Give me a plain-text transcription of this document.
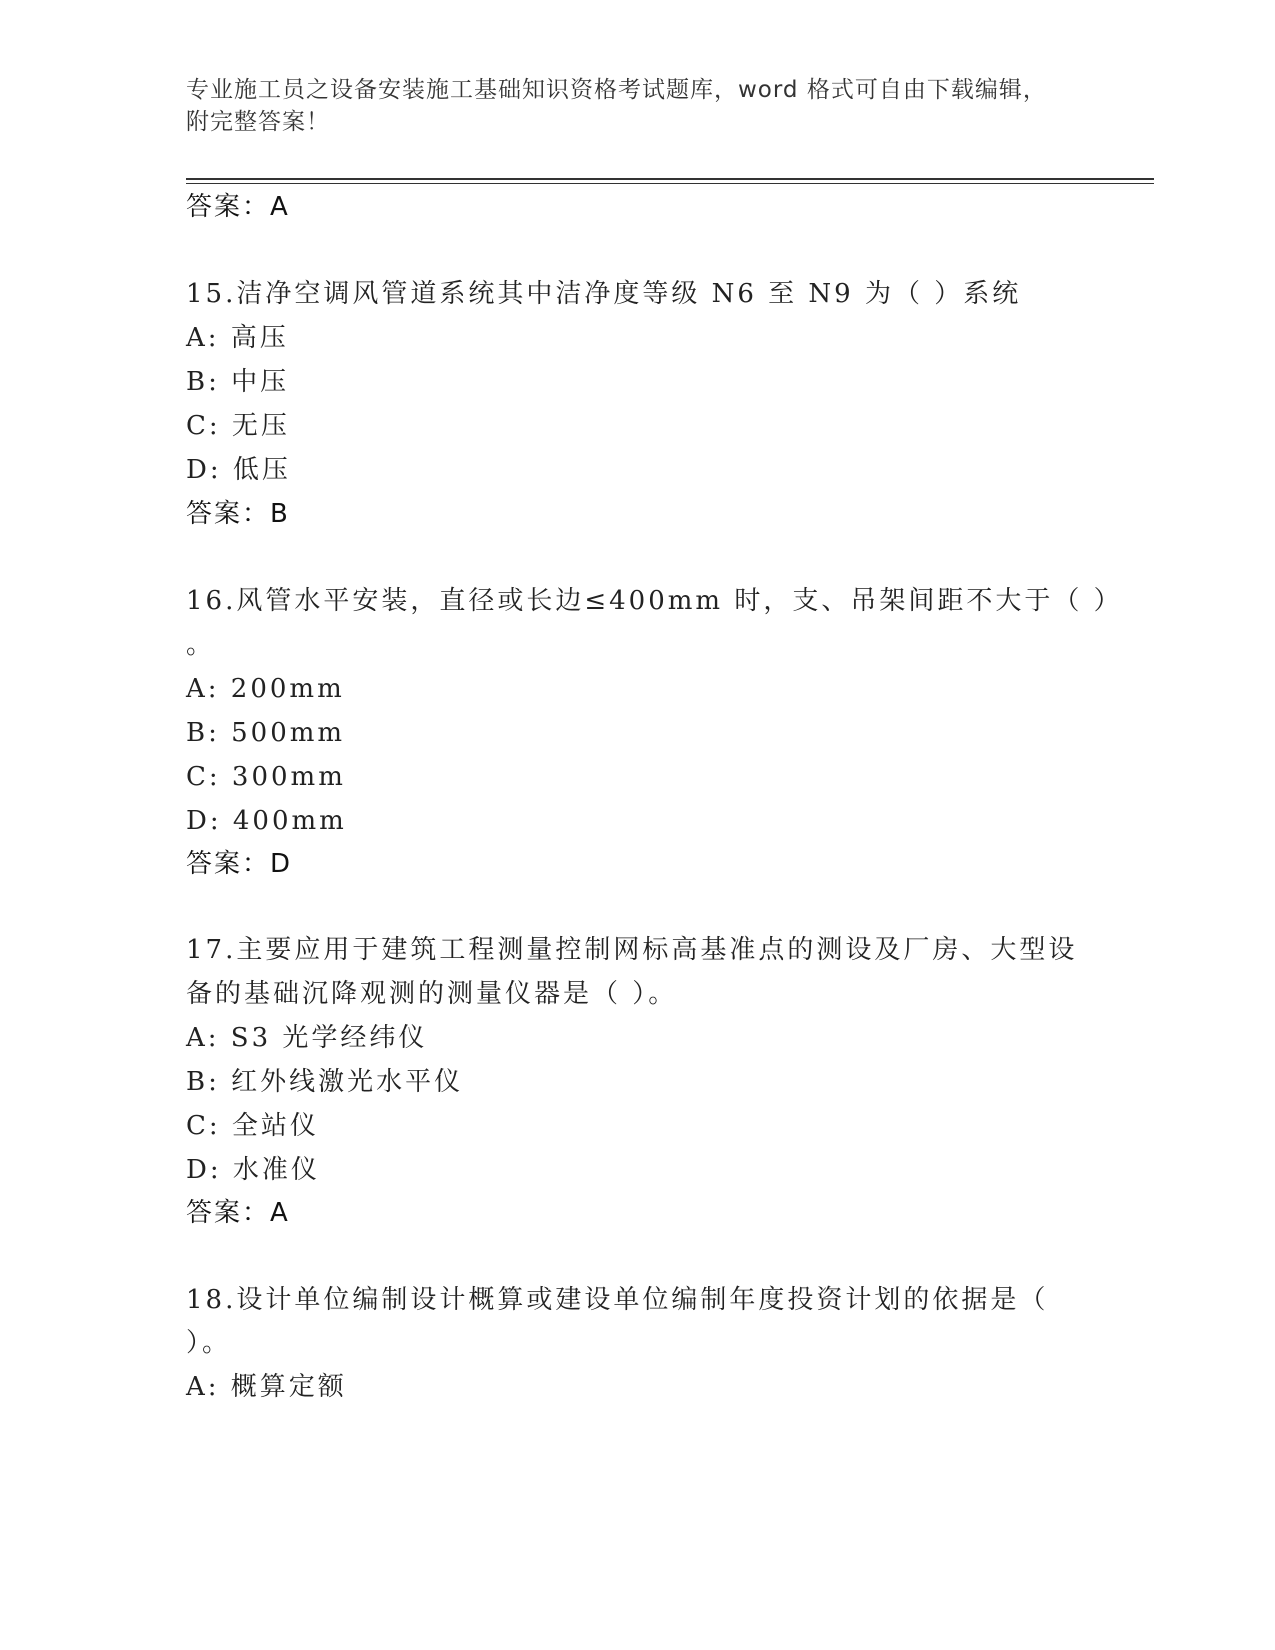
专业施工员之设备安装施工基础知识资格考试题库，word 格式可自由下载编辑，
附完整答案！
答案：A
15.洁净空调风管道系统其中洁净度等级 N6 至 N9 为（ ）系统
A: 高压
B: 中压
C: 无压
D: 低压
答案：B
16.风管水平安装，直径或长边≤400mm 时，支、吊架间距不大于（ ）
。
A: 200mm
B: 500mm
C: 300mm
D: 400mm
答案：D
17.主要应用于建筑工程测量控制网标高基准点的测设及厂房、大型设
备的基础沉降观测的测量仪器是（ ）。
A: S3 光学经纬仪
B: 红外线激光水平仪
C: 全站仪
D: 水准仪
答案：A
18.设计单位编制设计概算或建设单位编制年度投资计划的依据是（
）。
A: 概算定额
